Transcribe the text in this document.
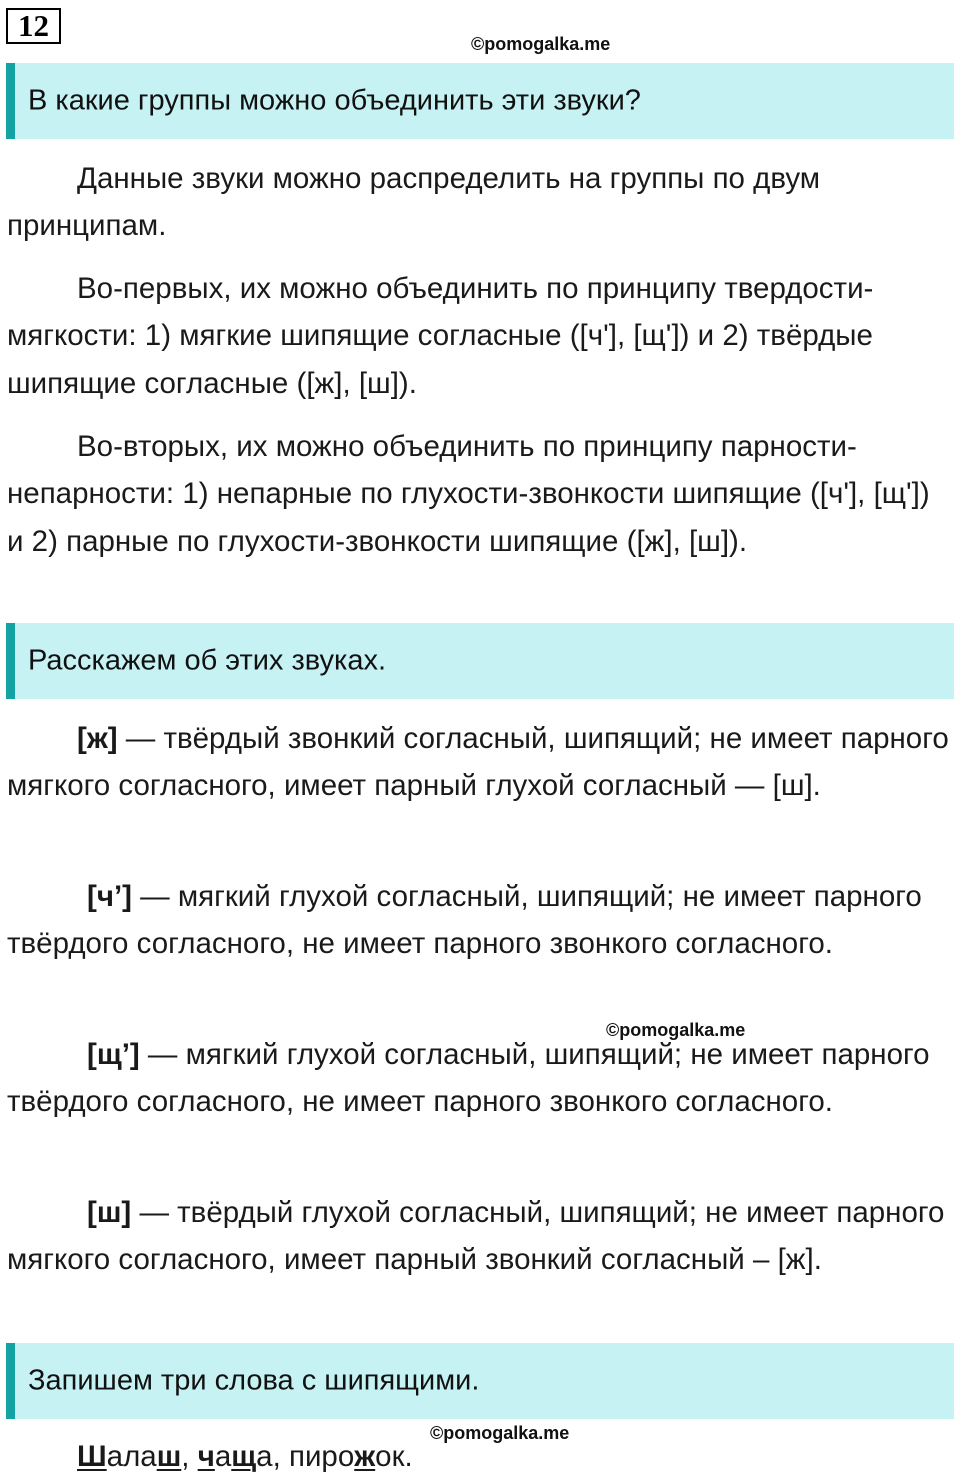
12
©pomogalka.me
В какие группы можно объединить эти звуки?

Данные звуки можно распределить на группы по двум принципам.

Во-первых, их можно объединить по принципу твердости-мягкости: 1) мягкие шипящие согласные ([ч'], [щ']) и 2) твёрдые шипящие согласные ([ж], [ш]).

Во-вторых, их можно объединить по принципу парности-непарности: 1) непарные по глухости-звонкости шипящие ([ч'], [щ']) и 2) парные по глухости-звонкости шипящие ([ж], [ш]).

Расскажем об этих звуках.

[ж] — твёрдый звонкий согласный, шипящий; не имеет парного мягкого согласного, имеет парный глухой согласный — [ш].

[ч’] — мягкий глухой согласный, шипящий; не имеет парного твёрдого согласного, не имеет парного звонкого согласного.

©pomogalka.me

[щ’] — мягкий глухой согласный, шипящий; не имеет парного твёрдого согласного, не имеет парного звонкого согласного.

[ш] — твёрдый глухой согласный, шипящий; не имеет парного мягкого согласного, имеет парный звонкий согласный – [ж].

Запишем три слова с шипящими.
©pomogalka.me
Шалаш, чаща, пирожок.
